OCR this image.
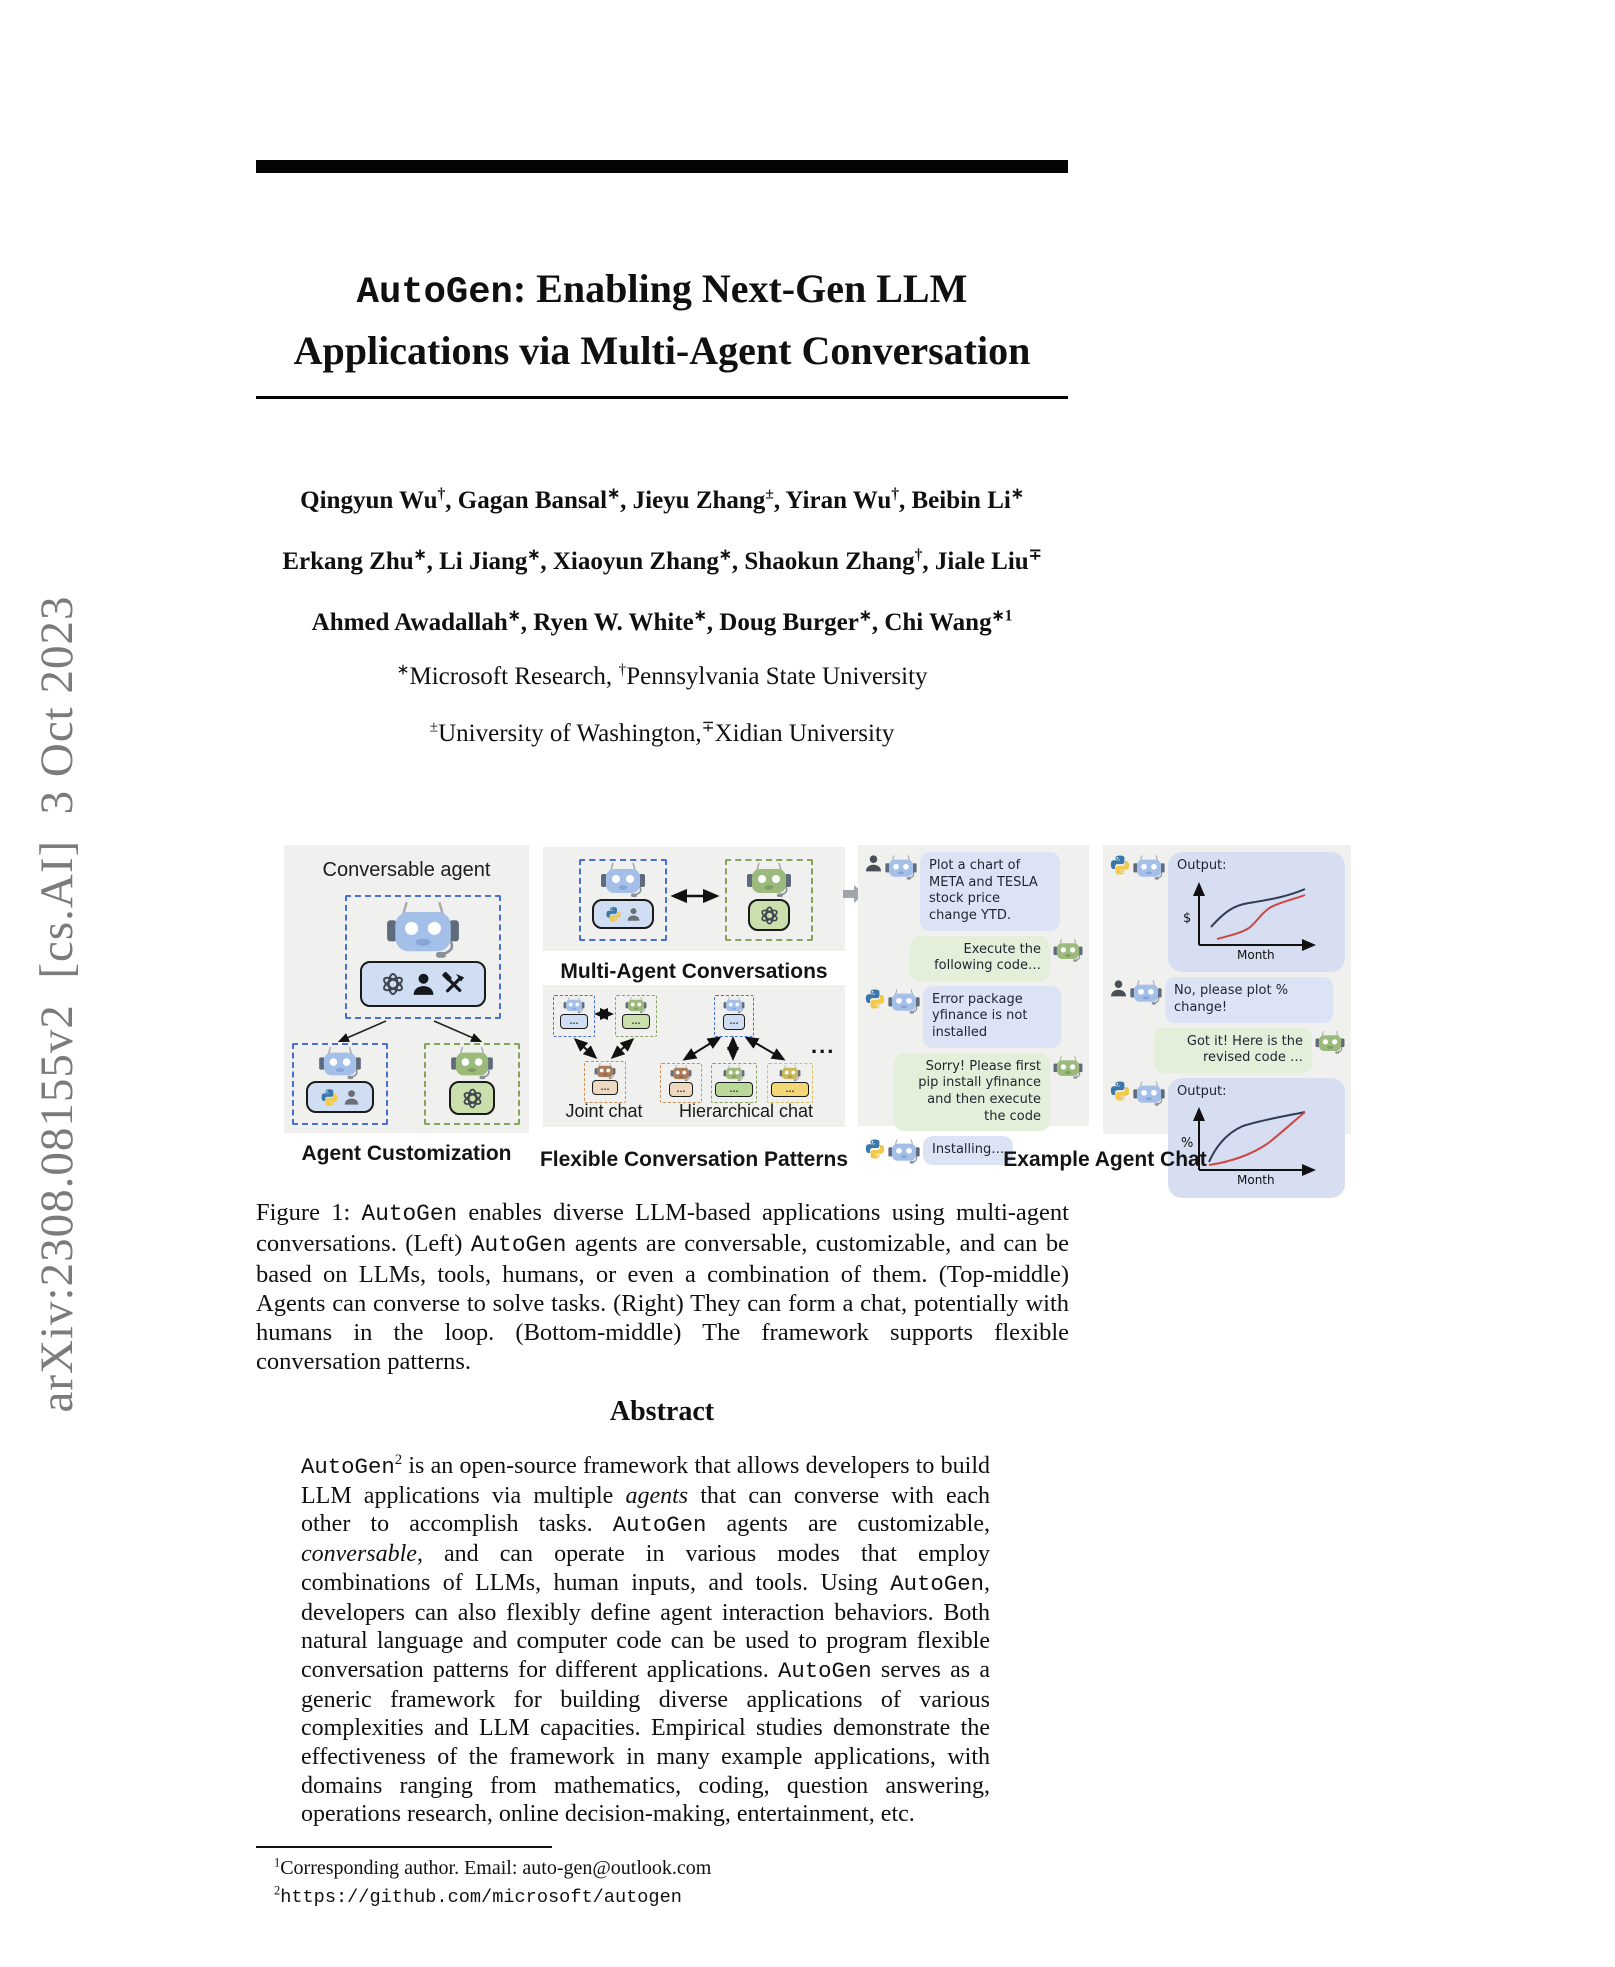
arXiv:2308.08155v2  [cs.AI]  3 Oct 2023
AutoGen: Enabling Next-Gen LLM
Applications via Multi-Agent Conversation
Qingyun Wu†, Gagan Bansal∗, Jieyu Zhang±, Yiran Wu†, Beibin Li∗
Erkang Zhu∗, Li Jiang∗, Xiaoyun Zhang∗, Shaokun Zhang†, Jiale Liu∓
Ahmed Awadallah∗, Ryen W. White∗, Doug Burger∗, Chi Wang$^{∗1}$
∗Microsoft Research, †Pennsylvania State University
±University of Washington,∓Xidian University
Conversable agent
Agent Customization
Multi-Agent Conversations
...	...
...
...
...	...	...
...
Joint chat	Hierarchical chat
Flexible Conversation Patterns
Plot a chart of META and TESLA stock price change YTD.
Execute the following code…
Error package yfinance is not installed
Sorry! Please first pip install yfinance and then execute the code
Installing…
Output:
$
Month
No, please plot % change!
Got it! Here is the revised code …
Output:
%
Month
Example Agent Chat
Figure 1: AutoGen enables diverse LLM-based applications using multi-agent conversations. (Left) AutoGen agents are conversable, customizable, and can be based on LLMs, tools, humans, or even a combination of them. (Top-middle) Agents can converse to solve tasks. (Right) They can form a chat, potentially with humans in the loop. (Bottom-middle) The framework supports flexible conversation patterns.
Abstract
AutoGen$^2$ is an open-source framework that allows developers to build LLM applications via multiple agents that can converse with each other to accomplish tasks. AutoGen agents are customizable, conversable, and can operate in various modes that employ combinations of LLMs, human inputs, and tools. Using AutoGen, developers can also flexibly define agent interaction behaviors. Both natural language and computer code can be used to program flexible conversation patterns for different applications. AutoGen serves as a generic framework for building diverse applications of various complexities and LLM capacities. Empirical studies demonstrate the effectiveness of the framework in many example applications, with domains ranging from mathematics, coding, question answering, operations research, online decision-making, entertainment, etc.
$^1$Corresponding author. Email: auto-gen@outlook.com
$^2$https://github.com/microsoft/autogen
